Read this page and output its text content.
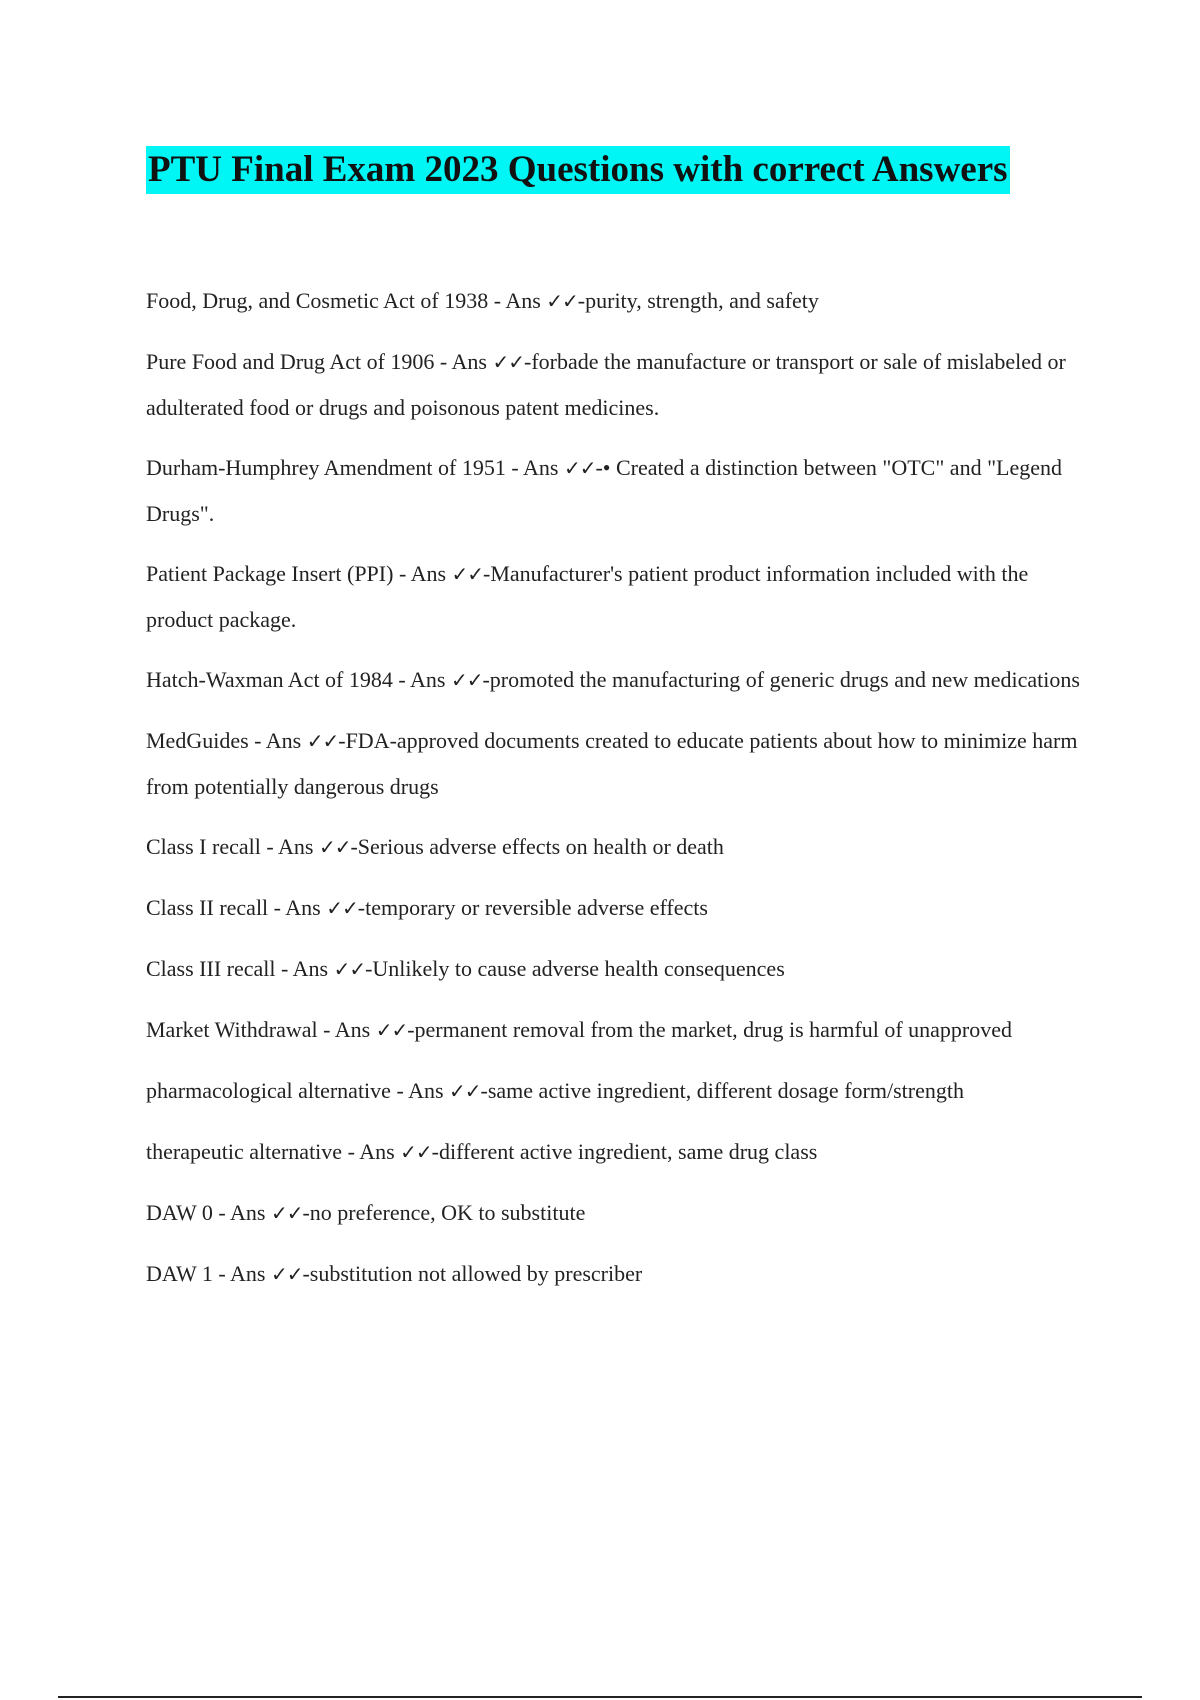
PTU Final Exam 2023 Questions with correct Answers
Food, Drug, and Cosmetic Act of 1938 - Ans ✓✓-purity, strength, and safety
Pure Food and Drug Act of 1906 - Ans ✓✓-forbade the manufacture or transport or sale of mislabeled or adulterated food or drugs and poisonous patent medicines.
Durham-Humphrey Amendment of 1951 - Ans ✓✓-• Created a distinction between "OTC" and "Legend Drugs".
Patient Package Insert (PPI) - Ans ✓✓-Manufacturer's patient product information included with the product package.
Hatch-Waxman Act of 1984 - Ans ✓✓-promoted the manufacturing of generic drugs and new medications
MedGuides - Ans ✓✓-FDA-approved documents created to educate patients about how to minimize harm from potentially dangerous drugs
Class I recall - Ans ✓✓-Serious adverse effects on health or death
Class II recall - Ans ✓✓-temporary or reversible adverse effects
Class III recall - Ans ✓✓-Unlikely to cause adverse health consequences
Market Withdrawal - Ans ✓✓-permanent removal from the market, drug is harmful of unapproved
pharmacological alternative - Ans ✓✓-same active ingredient, different dosage form/strength
therapeutic alternative - Ans ✓✓-different active ingredient, same drug class
DAW 0 - Ans ✓✓-no preference, OK to substitute
DAW 1 - Ans ✓✓-substitution not allowed by prescriber
